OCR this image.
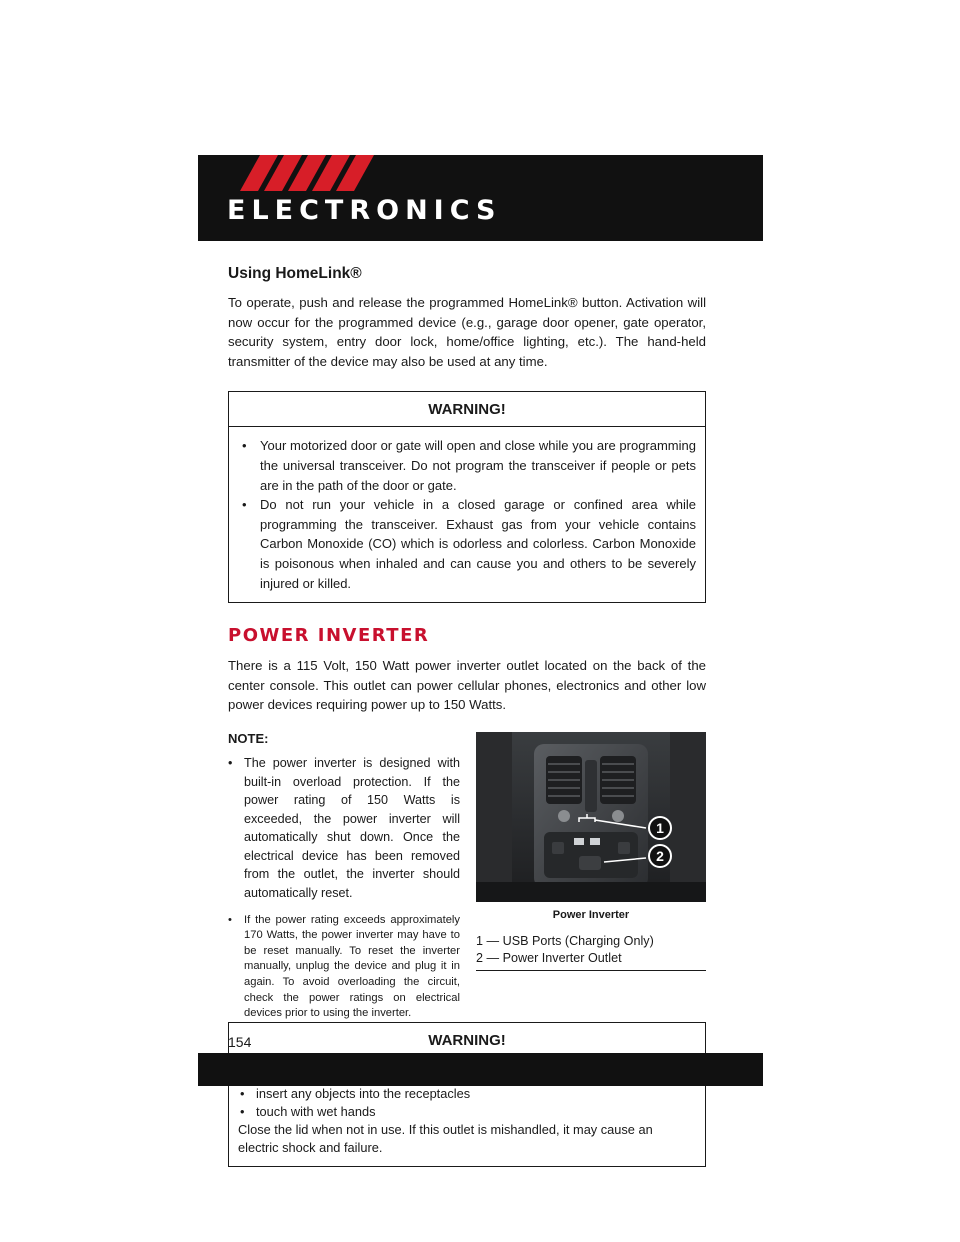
ELECTRONICS
Using HomeLink®

To operate, push and release the programmed HomeLink® button. Activation will now occur for the programmed device (e.g., garage door opener, gate operator, security system, entry door lock, home/office lighting, etc.). The hand-held transmitter of the device may also be used at any time.

WARNING!
• Your motorized door or gate will open and close while you are programming the universal transceiver. Do not program the transceiver if people or pets are in the path of the door or gate.
• Do not run your vehicle in a closed garage or confined area while programming the transceiver. Exhaust gas from your vehicle contains Carbon Monoxide (CO) which is odorless and colorless. Carbon Monoxide is poisonous when inhaled and can cause you and others to be severely injured or killed.
POWER INVERTER

There is a 115 Volt, 150 Watt power inverter outlet located on the back of the center console. This outlet can power cellular phones, electronics and other low power devices requiring power up to 150 Watts.

NOTE:
• The power inverter is designed with built-in overload protection. If the power rating of 150 Watts is exceeded, the power inverter will automatically shut down. Once the electrical device has been removed from the outlet, the inverter should automatically reset.
• If the power rating exceeds approximately 170 Watts, the power inverter may have to be reset manually. To reset the inverter manually, unplug the device and plug it in again. To avoid overloading the circuit, check the power ratings on electrical devices prior to using the inverter.
1
2
Power Inverter
1 — USB Ports (Charging Only)
2 — Power Inverter Outlet
WARNING!
• insert any objects into the receptacles
• touch with wet hands
Close the lid when not in use. If this outlet is mishandled, it may cause an electric shock and failure.
154
